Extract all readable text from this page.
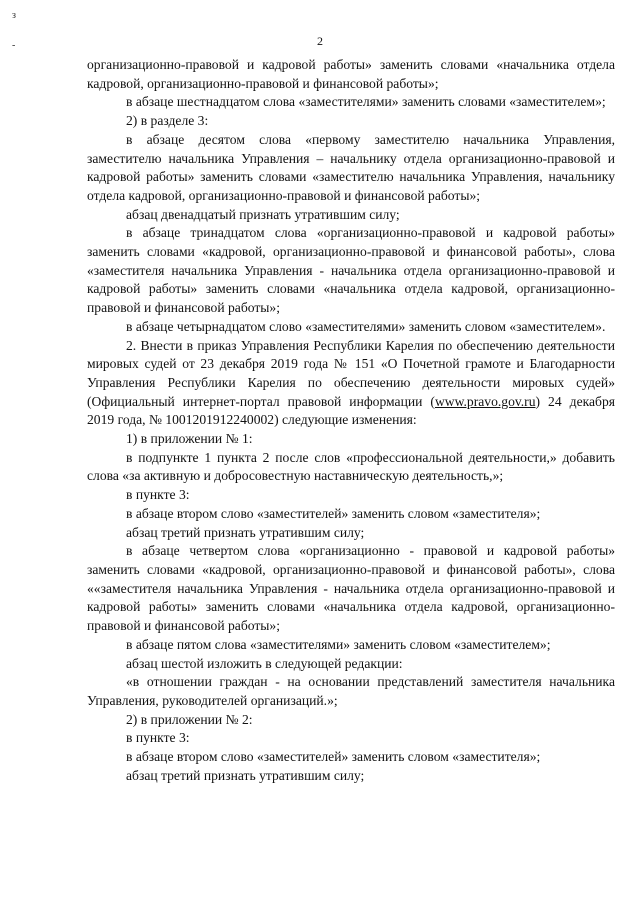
з
-	2

организационно-правовой и кадровой работы» заменить словами «начальника отдела кадровой, организационно-правовой и финансовой работы»;

в абзаце шестнадцатом слова «заместителями» заменить словами «заместителем»;

2) в разделе 3:

в абзаце десятом слова «первому заместителю начальника Управления, заместителю начальника Управления – начальнику отдела организационно-правовой и кадровой работы» заменить словами «заместителю начальника Управления, начальнику отдела кадровой, организационно-правовой и финансовой работы»;

абзац двенадцатый признать утратившим силу;

в абзаце тринадцатом слова «организационно-правовой и кадровой работы» заменить словами «кадровой, организационно-правовой и финансовой работы», слова «заместителя начальника Управления - начальника отдела организационно-правовой и кадровой работы» заменить словами «начальника отдела кадровой, организационно-правовой и финансовой работы»;

в абзаце четырнадцатом слово «заместителями» заменить словом «заместителем».

2. Внести в приказ Управления Республики Карелия по обеспечению деятельности мировых судей от 23 декабря 2019 года № 151 «О Почетной грамоте и Благодарности Управления Республики Карелия по обеспечению деятельности мировых судей» (Официальный интернет-портал правовой информации (www.pravo.gov.ru) 24 декабря 2019 года, № 1001201912240002) следующие изменения:

1) в приложении № 1:

в подпункте 1 пункта 2 после слов «профессиональной деятельности,» добавить слова «за активную и добросовестную наставническую деятельность,»;

в пункте 3:

в абзаце втором слово «заместителей» заменить словом «заместителя»;

абзац третий признать утратившим силу;

в абзаце четвертом слова «организационно - правовой и кадровой работы» заменить словами «кадровой, организационно-правовой и финансовой работы», слова ««заместителя начальника Управления - начальника отдела организационно-правовой и кадровой работы» заменить словами «начальника отдела кадровой, организационно-правовой и финансовой работы»;

в абзаце пятом слова «заместителями» заменить словом «заместителем»;

абзац шестой изложить в следующей редакции:

«в отношении граждан - на основании представлений заместителя начальника Управления, руководителей организаций.»;

2) в приложении № 2:

в пункте 3:

в абзаце втором слово «заместителей» заменить словом «заместителя»;

абзац третий признать утратившим силу;
